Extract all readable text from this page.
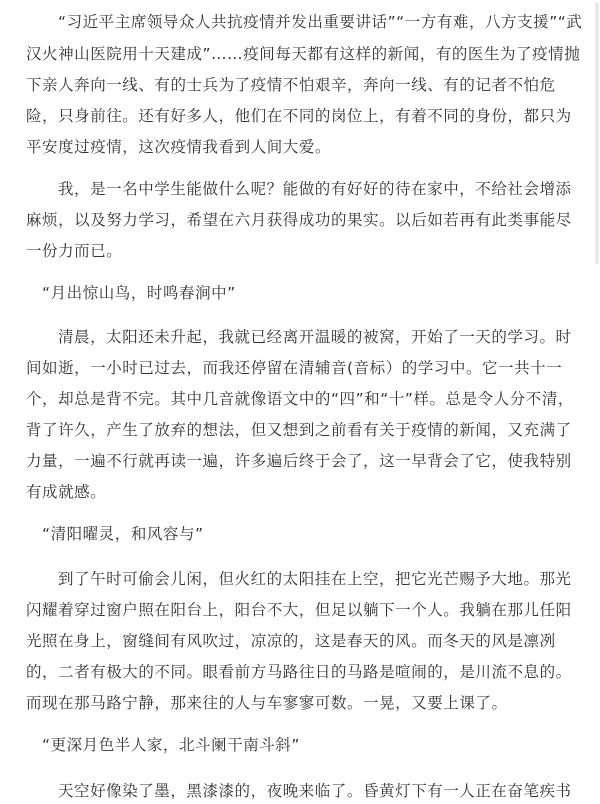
“习近平主席领导众人共抗疫情并发出重要讲话”“一方有难，八方支援”“武
汉火神山医院用十天建成”……疫间每天都有这样的新闻，有的医生为了疫情抛
下亲人奔向一线、有的士兵为了疫情不怕艰辛，奔向一线、有的记者不怕危
险，只身前往。还有好多人，他们在不同的岗位上，有着不同的身份，都只为
平安度过疫情，这次疫情我看到人间大爱。
我，是一名中学生能做什么呢？能做的有好好的待在家中，不给社会增添
麻烦，以及努力学习，希望在六月获得成功的果实。以后如若再有此类事能尽
一份力而已。
“月出惊山鸟，时鸣春涧中”
清晨，太阳还未升起，我就已经离开温暖的被窝，开始了一天的学习。时
间如逝，一小时已过去，而我还停留在清辅音(音标）的学习中。它一共十一
个，却总是背不完。其中几音就像语文中的“四”和“十”样。总是令人分不清，
背了许久，产生了放弃的想法，但又想到之前看有关于疫情的新闻，又充满了
力量，一遍不行就再读一遍，许多遍后终于会了，这一早背会了它，使我特别
有成就感。
“清阳曜灵，和风容与”
到了午时可偷会儿闲，但火红的太阳挂在上空，把它光芒赐予大地。那光
闪耀着穿过窗户照在阳台上，阳台不大，但足以躺下一个人。我躺在那儿任阳
光照在身上，窗缝间有风吹过，凉凉的，这是春天的风。而冬天的风是凛冽
的，二者有极大的不同。眼看前方马路往日的马路是喧闹的，是川流不息的。
而现在那马路宁静，那来往的人与车寥寥可数。一晃，又要上课了。
“更深月色半人家，北斗阑干南斗斜”
天空好像染了墨，黑漆漆的，夜晚来临了。昏黄灯下有一人正在奋笔疾书
